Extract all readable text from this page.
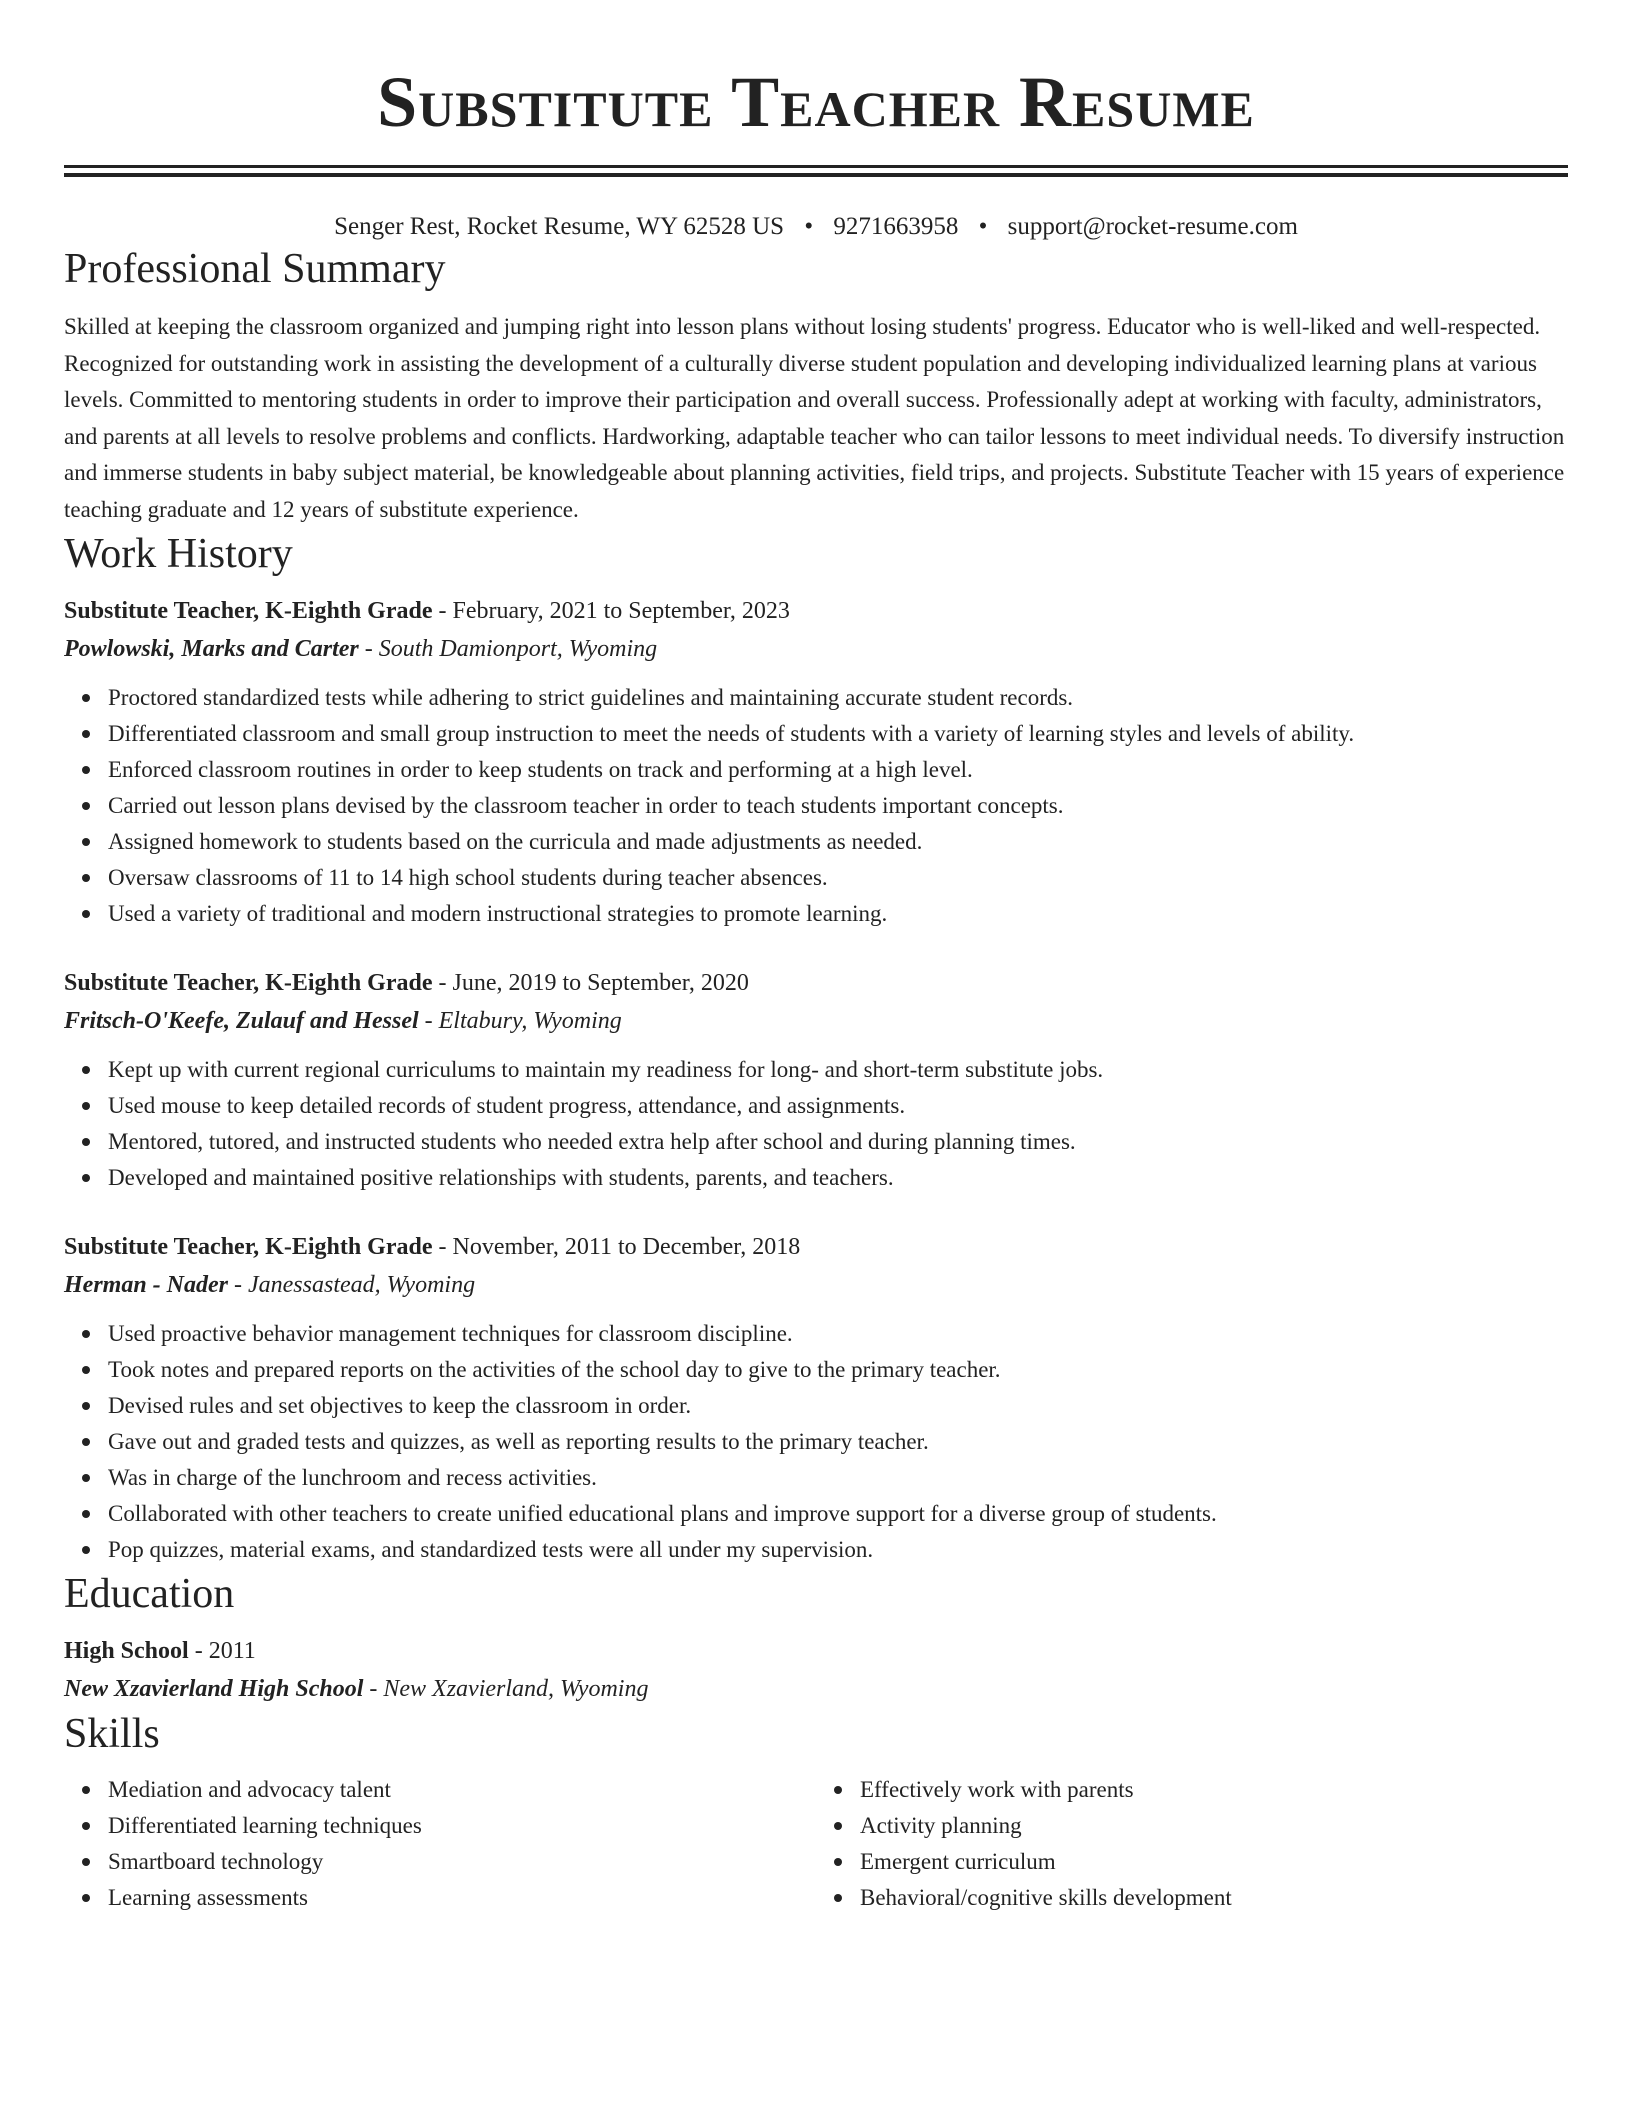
Substitute Teacher Resume
Senger Rest, Rocket Resume, WY 62528 US • 9271663958 • support@rocket-resume.com
Professional Summary
Skilled at keeping the classroom organized and jumping right into lesson plans without losing students' progress. Educator who is well-liked and well-respected. Recognized for outstanding work in assisting the development of a culturally diverse student population and developing individualized learning plans at various levels. Committed to mentoring students in order to improve their participation and overall success. Professionally adept at working with faculty, administrators, and parents at all levels to resolve problems and conflicts. Hardworking, adaptable teacher who can tailor lessons to meet individual needs. To diversify instruction and immerse students in baby subject material, be knowledgeable about planning activities, field trips, and projects. Substitute Teacher with 15 years of experience teaching graduate and 12 years of substitute experience.
Work History
Substitute Teacher, K-Eighth Grade - February, 2021 to September, 2023
Powlowski, Marks and Carter - South Damionport, Wyoming
Proctored standardized tests while adhering to strict guidelines and maintaining accurate student records.
Differentiated classroom and small group instruction to meet the needs of students with a variety of learning styles and levels of ability.
Enforced classroom routines in order to keep students on track and performing at a high level.
Carried out lesson plans devised by the classroom teacher in order to teach students important concepts.
Assigned homework to students based on the curricula and made adjustments as needed.
Oversaw classrooms of 11 to 14 high school students during teacher absences.
Used a variety of traditional and modern instructional strategies to promote learning.
Substitute Teacher, K-Eighth Grade - June, 2019 to September, 2020
Fritsch-O'Keefe, Zulauf and Hessel - Eltabury, Wyoming
Kept up with current regional curriculums to maintain my readiness for long- and short-term substitute jobs.
Used mouse to keep detailed records of student progress, attendance, and assignments.
Mentored, tutored, and instructed students who needed extra help after school and during planning times.
Developed and maintained positive relationships with students, parents, and teachers.
Substitute Teacher, K-Eighth Grade - November, 2011 to December, 2018
Herman - Nader - Janessastead, Wyoming
Used proactive behavior management techniques for classroom discipline.
Took notes and prepared reports on the activities of the school day to give to the primary teacher.
Devised rules and set objectives to keep the classroom in order.
Gave out and graded tests and quizzes, as well as reporting results to the primary teacher.
Was in charge of the lunchroom and recess activities.
Collaborated with other teachers to create unified educational plans and improve support for a diverse group of students.
Pop quizzes, material exams, and standardized tests were all under my supervision.
Education
High School - 2011
New Xzavierland High School - New Xzavierland, Wyoming
Skills
Mediation and advocacy talent
Differentiated learning techniques
Smartboard technology
Learning assessments
Effectively work with parents
Activity planning
Emergent curriculum
Behavioral/cognitive skills development
